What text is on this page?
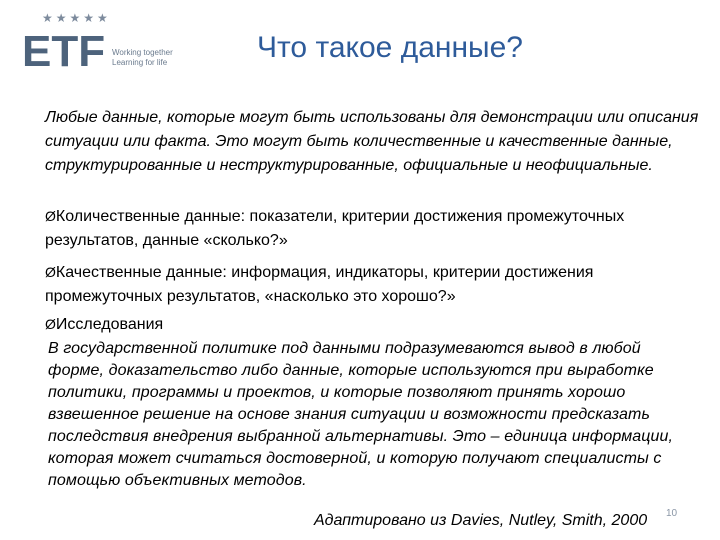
★★★★★
ETF Working together
Learning for life	Что такое данные?

Любые данные, которые могут быть использованы для демонстрации или описания ситуации или факта. Это могут быть количественные и качественные данные, структурированные и неструктурированные, официальные и неофициальные.

ØКоличественные данные: показатели, критерии достижения промежуточных результатов, данные «сколько?»

ØКачественные данные: информация, индикаторы, критерии достижения промежуточных результатов, «насколько это хорошо?»

ØИсследования

В государственной политике под данными подразумеваются вывод в любой форме, доказательство либо данные, которые используются при выработке политики, программы и проектов, и которые позволяют принять хорошо взвешенное решение на основе знания ситуации и возможности предсказать последствия внедрения выбранной альтернативы. Это – единица информации, которая может считаться достоверной, и которую получают специалисты с помощью объективных методов.

10
Адаптировано из Davies, Nutley, Smith, 2000
